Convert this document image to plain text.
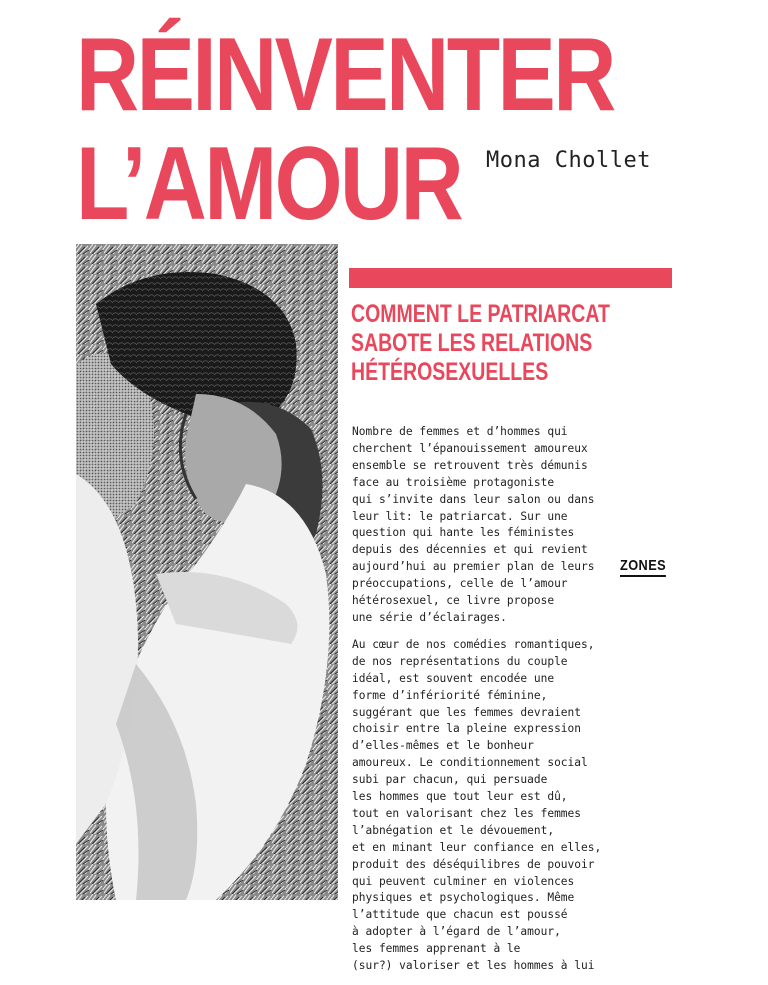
RÉINVENTER
L’AMOUR Mona Chollet
COMMENT LE PATRIARCAT
SABOTE LES RELATIONS
HÉTÉROSEXUELLES
Nombre de femmes et d’hommes qui
cherchent l’épanouissement amoureux
ensemble se retrouvent très démunis
face au troisième protagoniste
qui s’invite dans leur salon ou dans
leur lit: le patriarcat. Sur une
question qui hante les féministes
depuis des décennies et qui revient
aujourd’hui au premier plan de leurs
préoccupations, celle de l’amour
hétérosexuel, ce livre propose
une série d’éclairages.
Au cœur de nos comédies romantiques,
de nos représentations du couple
idéal, est souvent encodée une
forme d’infériorité féminine,
suggérant que les femmes devraient
choisir entre la pleine expression
d’elles-mêmes et le bonheur
amoureux. Le conditionnement social
subi par chacun, qui persuade
les hommes que tout leur est dû,
tout en valorisant chez les femmes
l’abnégation et le dévouement,
et en minant leur confiance en elles,
produit des déséquilibres de pouvoir
qui peuvent culminer en violences
physiques et psychologiques. Même
l’attitude que chacun est poussé
à adopter à l’égard de l’amour,
les femmes apprenant à le
(sur?) valoriser et les hommes à lui
ZONES
